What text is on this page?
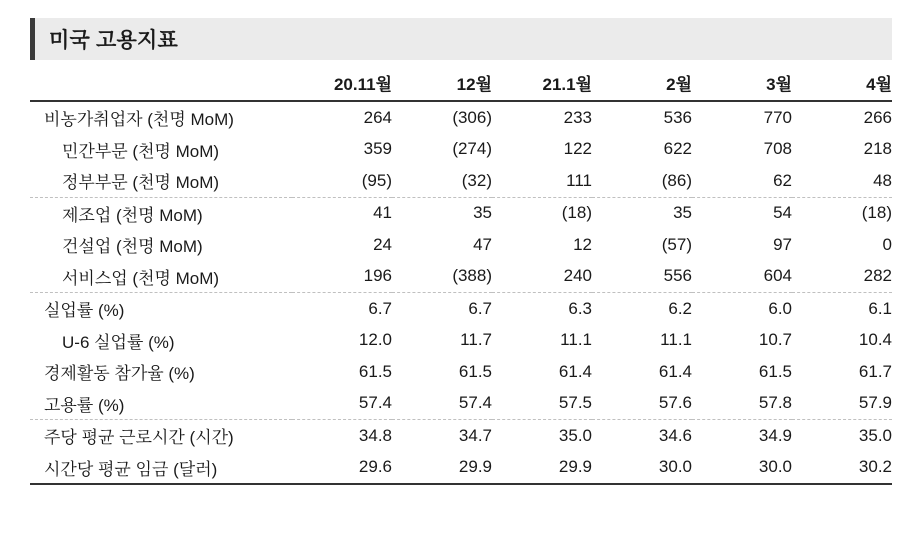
미국 고용지표
	20.11월	12월	21.1월	2월	3월	4월
비농가취업자 (천명 MoM)	264	(306)	233	536	770	266
민간부문 (천명 MoM)	359	(274)	122	622	708	218
정부부문 (천명 MoM)	(95)	(32)	111	(86)	62	48
제조업 (천명 MoM)	41	35	(18)	35	54	(18)
건설업 (천명 MoM)	24	47	12	(57)	97	0
서비스업 (천명 MoM)	196	(388)	240	556	604	282
실업률 (%)	6.7	6.7	6.3	6.2	6.0	6.1
U-6 실업률 (%)	12.0	11.7	11.1	11.1	10.7	10.4
경제활동 참가율 (%)	61.5	61.5	61.4	61.4	61.5	61.7
고용률 (%)	57.4	57.4	57.5	57.6	57.8	57.9
주당 평균 근로시간 (시간)	34.8	34.7	35.0	34.6	34.9	35.0
시간당 평균 임금 (달러)	29.6	29.9	29.9	30.0	30.0	30.2
